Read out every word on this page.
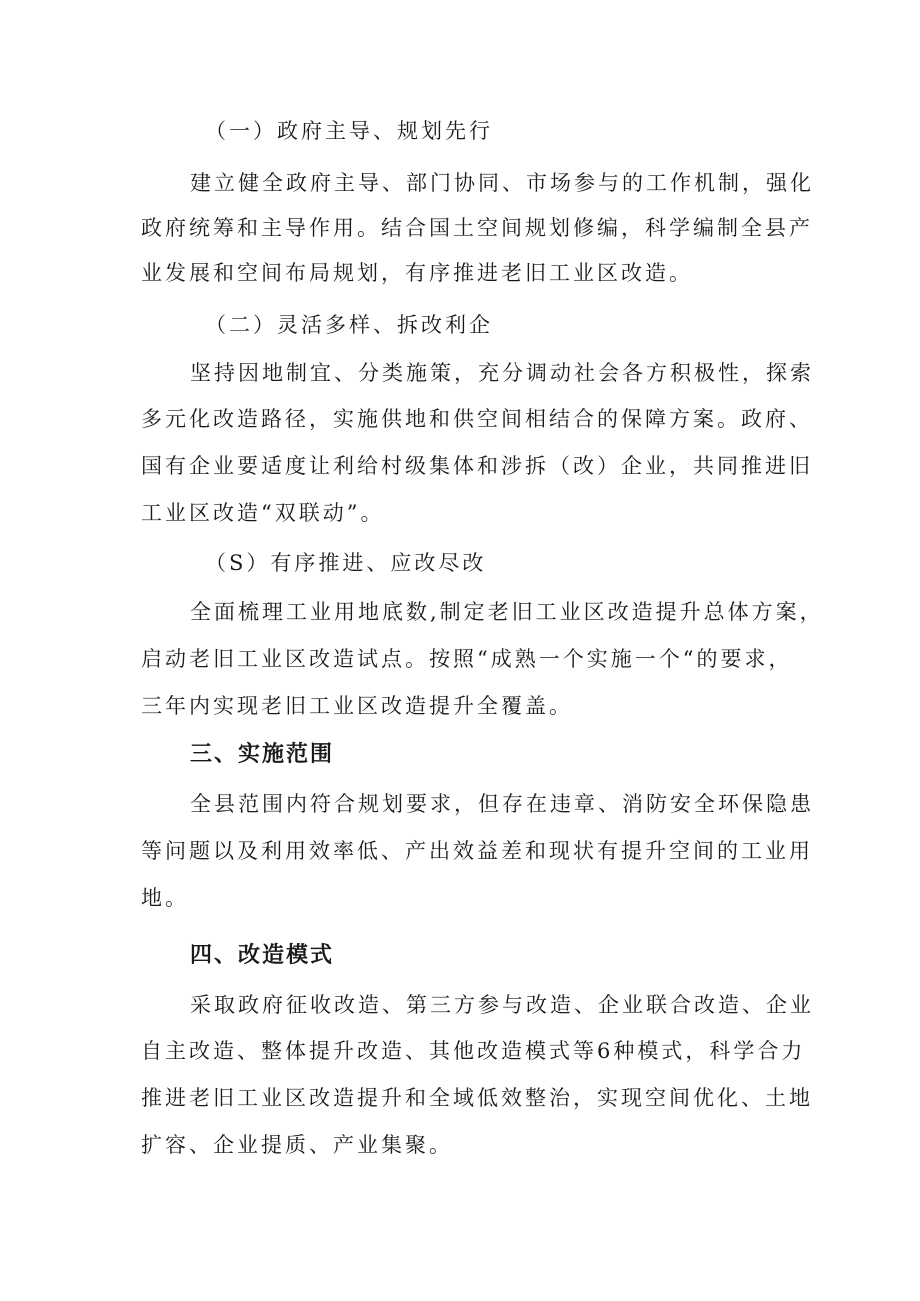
（一）政府主导、规划先行
建立健全政府主导、部门协同、市场参与的工作机制，强化
政府统筹和主导作用。结合国土空间规划修编，科学编制全县产
业发展和空间布局规划，有序推进老旧工业区改造。
（二）灵活多样、拆改利企
坚持因地制宜、分类施策，充分调动社会各方积极性，探索
多元化改造路径，实施供地和供空间相结合的保障方案。政府、
国有企业要适度让利给村级集体和涉拆（改）企业，共同推进旧
工业区改造“双联动”。
（S）有序推进、应改尽改
全面梳理工业用地底数,制定老旧工业区改造提升总体方案，
启动老旧工业区改造试点。按照“成熟一个实施一个“的要求，
三年内实现老旧工业区改造提升全覆盖。
三、实施范围
全县范围内符合规划要求，但存在违章、消防安全环保隐患
等问题以及利用效率低、产出效益差和现状有提升空间的工业用
地。
四、改造模式
采取政府征收改造、第三方参与改造、企业联合改造、企业
自主改造、整体提升改造、其他改造模式等6种模式，科学合力
推进老旧工业区改造提升和全域低效整治，实现空间优化、土地
扩容、企业提质、产业集聚。
